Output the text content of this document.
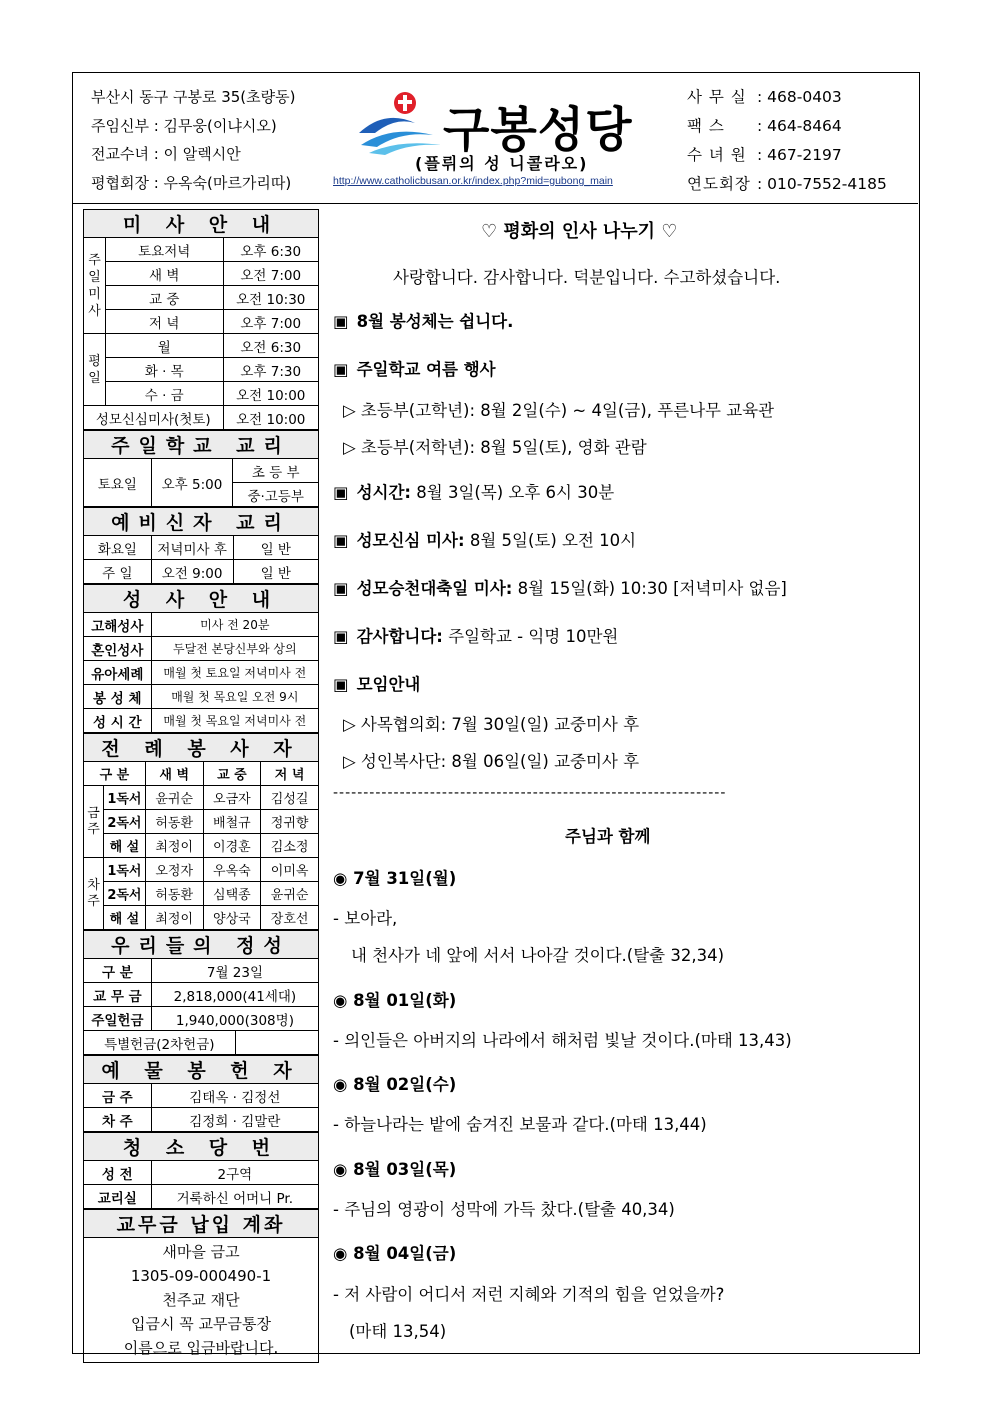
부산시 동구 구봉로 35(초량동)
주임신부 : 김무웅(이냐시오)
전교수녀 : 이 알렉시안
평협회장 : 우옥숙(마르가리따)
구봉성당
(플뤼의 성 니콜라오)
http://www.catholicbusan.or.kr/index.php?mid=gubong_main
사 무 실 : 468-0403
팩 스	: 464-8464
수 녀 원 : 467-2197
연도회장 : 010-7552-4185
미 사 안 내		
주일미사	토요저녁	오후 6:30
	새 벽	오전 7:00
	교 중	오전 10:30
	저 녁	오후 7:00
평일	월	오전 6:30
	화 · 목	오후 7:30
	수 · 금	오전 10:00
성모신심미사(첫토)		오전 10:00
주일학교 교리
토요일	오후 5:00	초 등 부
중·고등부
예비신자 교리		
화요일	저녁미사 후	일 반
주 일	오전 9:00	일 반
성 사 안 내	
고해성사	미사 전 20분
혼인성사	두달전 본당신부와 상의
유아세례	매월 첫 토요일 저녁미사 전
봉 성 체	매월 첫 목요일 오전 9시
성 시 간	매월 첫 목요일 저녁미사 전
전 례 봉 사 자				
구 분		새 벽	교 중	저 녁
금주	1독서	윤귀순	오금자	김성길
	2독서	허동환	배철규	정귀향
	해 설	최정이	이경훈	김소정
차주	1독서	오정자	우옥숙	이미옥
	2독서	허동환	심택종	윤귀순
	해 설	최정이	양상국	장호선
우리들의 정성		
구 분	7월 23일	
교 무 금	2,818,000(41세대)	
주일헌금	1,940,000(308명)	
특별헌금(2차헌금)		
예 물 봉 헌 자	
금 주	김태옥 · 김정선
차 주	김정희 · 김말란
청 소 당 번	
성 전	2구역
교리실	거룩하신 어머니 Pr.
교무금 납입 계좌

새마을 금고
1305-09-000490-1
천주교 재단
입금시 꼭 교무금통장
이름으로 입금바랍니다.
♡ 평화의 인사 나누기 ♡
사랑합니다. 감사합니다. 덕분입니다. 수고하셨습니다.
▣ 8월 봉성체는 쉽니다.
▣ 주일학교 여름 행사
▷ 초등부(고학년): 8월 2일(수) ~ 4일(금), 푸른나무 교육관
▷ 초등부(저학년): 8월 5일(토), 영화 관람
▣ 성시간: 8월 3일(목) 오후 6시 30분
▣ 성모신심 미사: 8월 5일(토) 오전 10시
▣ 성모승천대축일 미사: 8월 15일(화) 10:30 [저녁미사 없음]
▣ 감사합니다: 주일학교 - 익명 10만원
▣ 모임안내
▷ 사목협의회: 7월 30일(일) 교중미사 후
▷ 성인복사단: 8월 06일(일) 교중미사 후
-----------------------------------------------------------------
주님과 함께
◉ 7월 31일(월)
- 보아라,
내 천사가 네 앞에 서서 나아갈 것이다.(탈출 32,34)
◉ 8월 01일(화)
- 의인들은 아버지의 나라에서 해처럼 빛날 것이다.(마태 13,43)
◉ 8월 02일(수)
- 하늘나라는 밭에 숨겨진 보물과 같다.(마태 13,44)
◉ 8월 03일(목)
- 주님의 영광이 성막에 가득 찼다.(탈출 40,34)
◉ 8월 04일(금)
- 저 사람이 어디서 저런 지혜와 기적의 힘을 얻었을까?
(마태 13,54)
